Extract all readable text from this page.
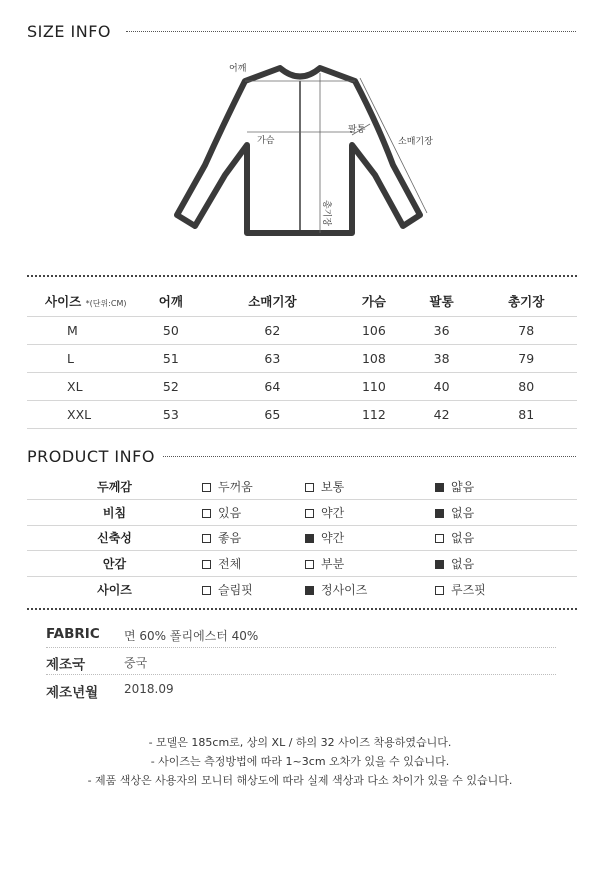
SIZE INFO
어깨
가슴
팔통
소매기장
총기장
사이즈 *(단위:CM)	어깨	소매기장	가슴	팔통	총기장
M	50	62	106	36	78
L	51	63	108	38	79
XL	52	64	110	40	80
XXL	53	65	112	42	81
PRODUCT INFO
두께감	두꺼움	보통	얇음
비침	있음	약간	없음
신축성	좋음	약간	없음
안감	전체	부분	없음
사이즈	슬림핏	정사이즈	루즈핏
FABRIC 면 60% 폴리에스터 40%
제조국	중국
제조년월 2018.09
- 모델은 185cm로, 상의 XL / 하의 32 사이즈 착용하였습니다.
- 사이즈는 측정방법에 따라 1~3cm 오차가 있을 수 있습니다.
- 제품 색상은 사용자의 모니터 해상도에 따라 실제 색상과 다소 차이가 있을 수 있습니다.
